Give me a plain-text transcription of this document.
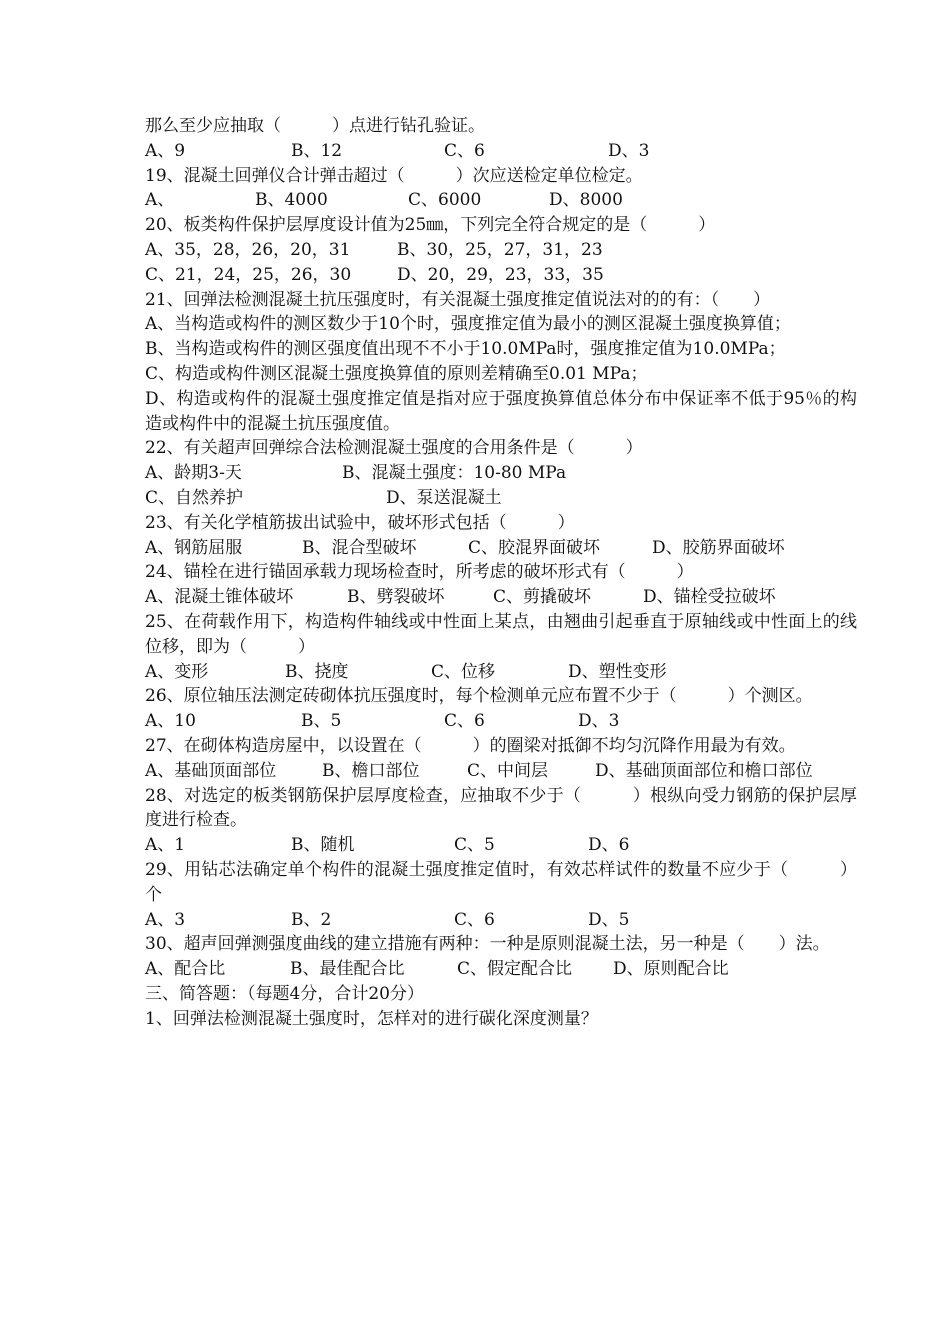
那么至少应抽取（　　　）点进行钻孔验证。
A、9	B、12	C、6	D、3
19、混凝土回弹仪合计弹击超过（　　　）次应送检定单位检定。
A、	B、4000	C、6000	D、8000
20、板类构件保护层厚度设计值为25㎜，下列完全符合规定的是（　　　）
A、35，28，26，20，31	B、30，25，27，31，23
C、21，24，25，26，30	D、20，29，23，33，35
21、回弹法检测混凝土抗压强度时，有关混凝土强度推定值说法对的的有：（　　）
A、当构造或构件的测区数少于10个时，强度推定值为最小的测区混凝土强度换算值；
B、当构造或构件的测区强度值出现不不小于10.0MPa时，强度推定值为10.0MPa；
C、构造或构件测区混凝土强度换算值的原则差精确至0.01 MPa；
D、构造或构件的混凝土强度推定值是指对应于强度换算值总体分布中保证率不低于95％的构造或构件中的混凝土抗压强度值。
22、有关超声回弹综合法检测混凝土强度的合用条件是（　　　）
A、龄期3-天	B、混凝土强度：10-80 MPa
C、自然养护	D、泵送混凝土
23、有关化学植筋拔出试验中，破坏形式包括（　　　）
A、钢筋屈服	B、混合型破坏	C、胶混界面破坏	D、胶筋界面破坏
24、锚栓在进行锚固承载力现场检查时，所考虑的破坏形式有（　　　）
A、混凝土锥体破坏	B、劈裂破坏	C、剪撬破坏	D、锚栓受拉破坏
25、在荷载作用下，构造构件轴线或中性面上某点，由翘曲引起垂直于原轴线或中性面上的线位移，即为（　　　）
A、变形	B、挠度	C、位移	D、塑性变形
26、原位轴压法测定砖砌体抗压强度时，每个检测单元应布置不少于（　　　）个测区。
A、10	B、5	C、6	D、3
27、在砌体构造房屋中，以设置在（　　　）的圈梁对抵御不均匀沉降作用最为有效。
A、基础顶面部位	B、檐口部位	C、中间层	D、基础顶面部位和檐口部位
28、对选定的板类钢筋保护层厚度检查，应抽取不少于（　　　）根纵向受力钢筋的保护层厚度进行检查。
A、1	B、随机	C、5	D、6
29、用钻芯法确定单个构件的混凝土强度推定值时，有效芯样试件的数量不应少于（　　　）个
A、3	B、2	C、6	D、5
30、超声回弹测强度曲线的建立措施有两种：一种是原则混凝土法，另一种是（　　）法。
A、配合比	B、最佳配合比	C、假定配合比	D、原则配合比
三、简答题：（每题4分，合计20分）
1、回弹法检测混凝土强度时，怎样对的进行碳化深度测量？
